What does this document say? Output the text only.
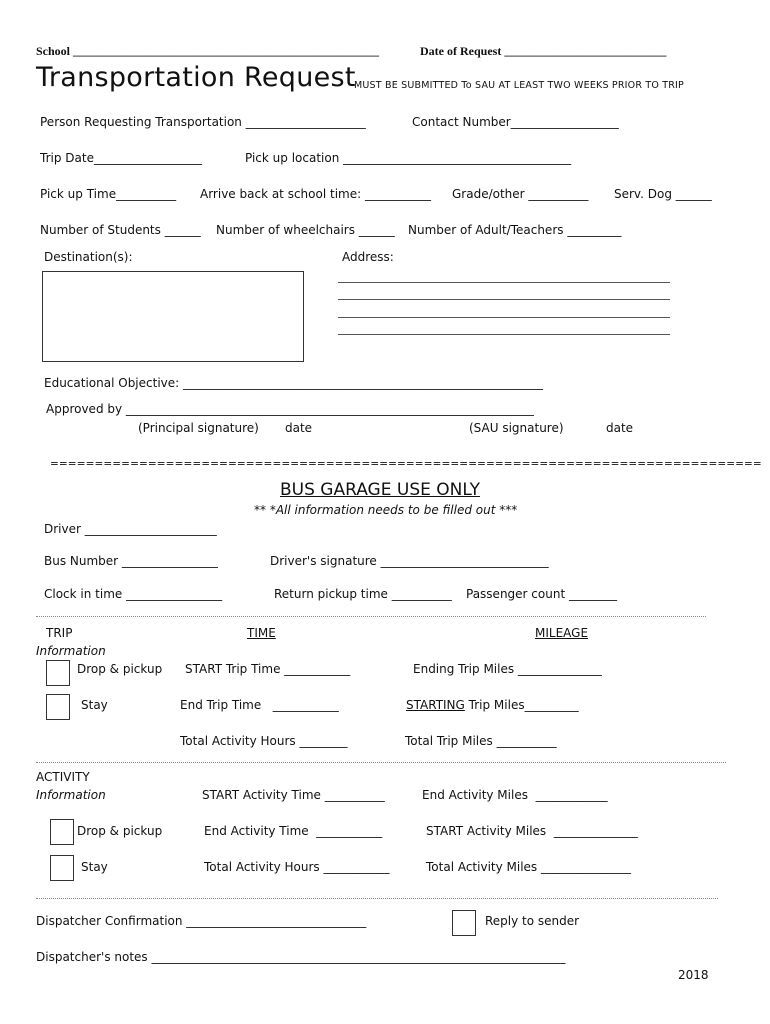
School ___________________________________________________	Date of Request ___________________________
Transportation Request
MUST BE SUBMITTED To SAU AT LEAST TWO WEEKS PRIOR TO TRIP
Person Requesting Transportation ____________________	Contact Number__________________
Trip Date__________________	Pick up location ______________________________________
Pick up Time__________ Arrive back at school time: ___________ Grade/other __________ Serv. Dog ______
Number of Students ______ Number of wheelchairs ______ Number of Adult/Teachers _________
Destination(s):	Address:
Educational Objective: ____________________________________________________________
Approved by ____________________________________________________________________
(Principal signature) date	(SAU signature)	date
================================================================================
BUS GARAGE USE ONLY
** *All information needs to be filled out ***
Driver ______________________
Bus Number ________________	Driver's signature ____________________________
Clock in time ________________	Return pickup time __________ Passenger count ________
TRIP
Information
TIME	MILEAGE
Drop & pickup START Trip Time ___________	Ending Trip Miles ______________
Stay	End Trip Time   ___________	STARTING Trip Miles_________
Total Activity Hours ________	Total Trip Miles __________
ACTIVITY
Information	START Activity Time __________	End Activity Miles  ____________
Drop & pickup	End Activity Time  ___________	START Activity Miles  ______________
Stay	Total Activity Hours ___________	Total Activity Miles _______________
Dispatcher Confirmation ______________________________	Reply to sender
Dispatcher's notes _____________________________________________________________________
2018
